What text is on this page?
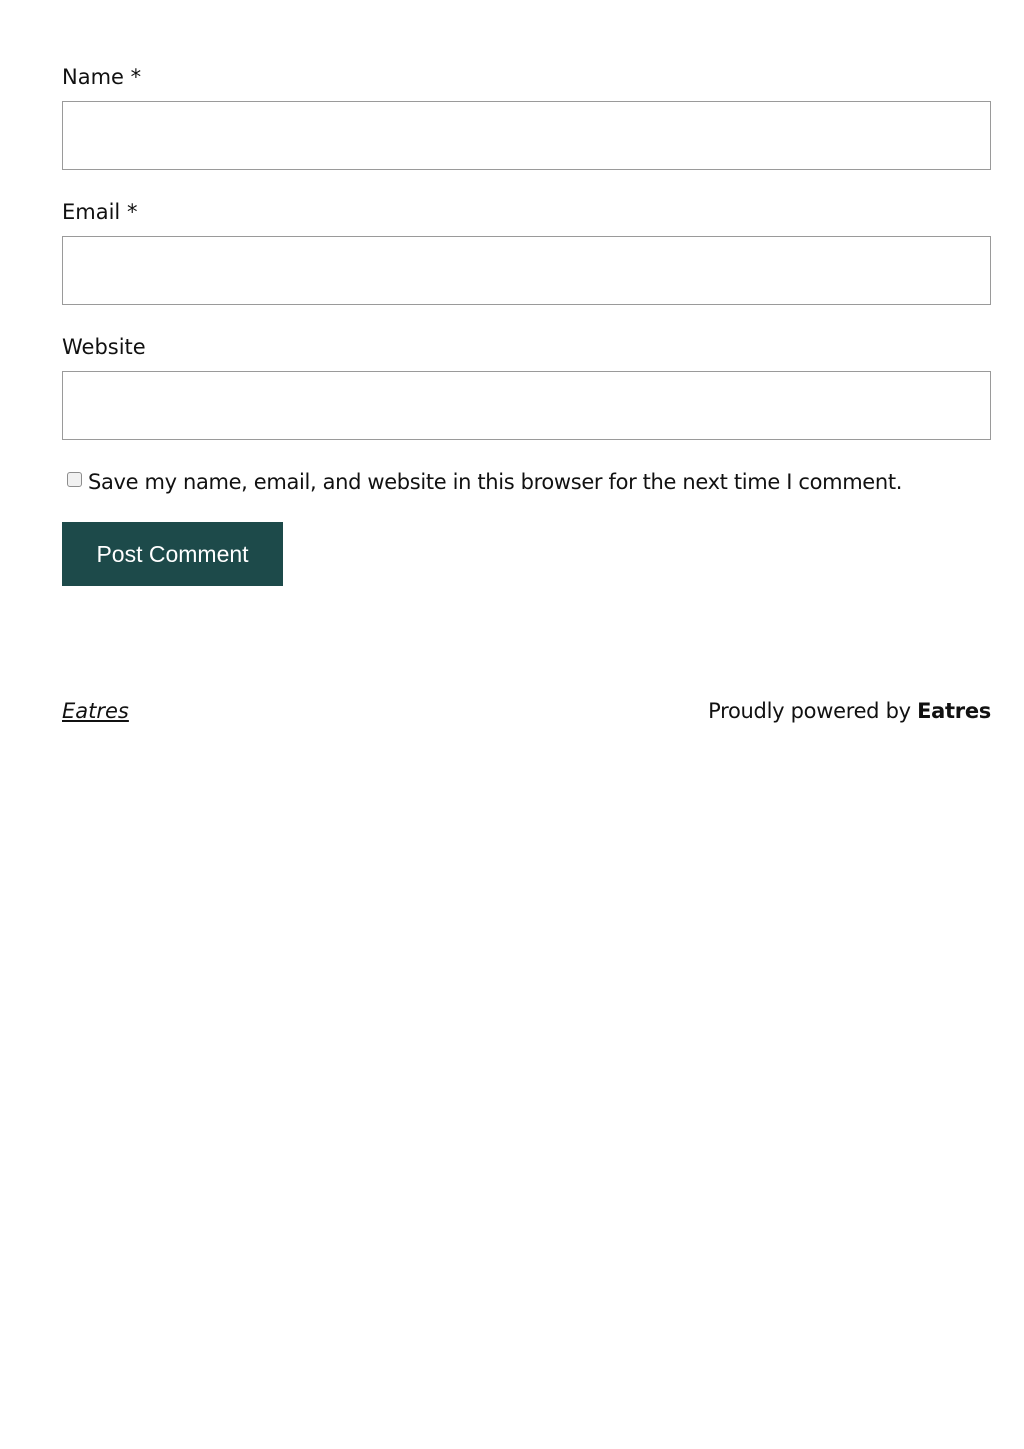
Name *
Email *
Website
Save my name, email, and website in this browser for the next time I comment.
Post Comment
Eatres	Proudly powered by Eatres
